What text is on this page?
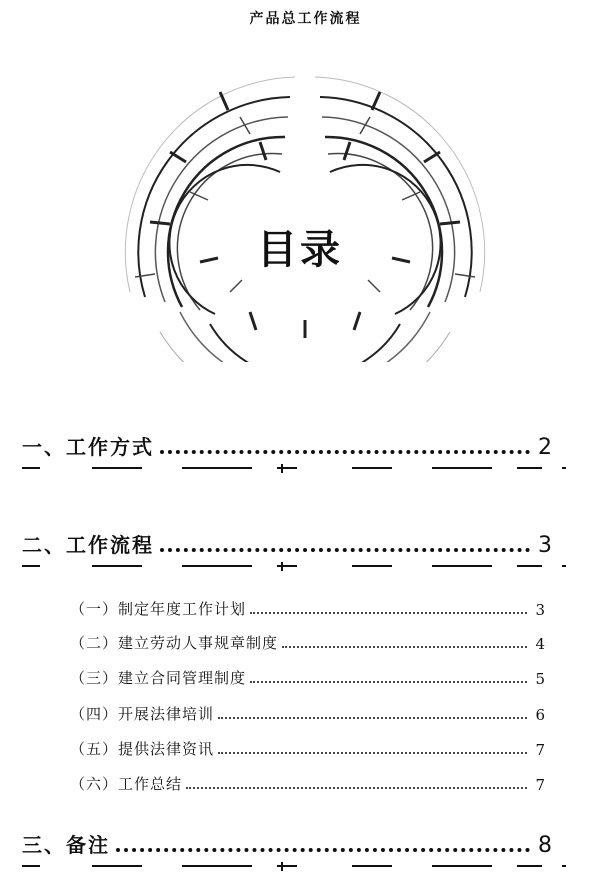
产品总工作流程
目录
一、工作方式	2
二、工作流程	3
（一）制定年度工作计划	3
（二）建立劳动人事规章制度	4
（三）建立合同管理制度	5
（四）开展法律培训	6
（五）提供法律资讯	7
（六）工作总结	7
三、备注	8
